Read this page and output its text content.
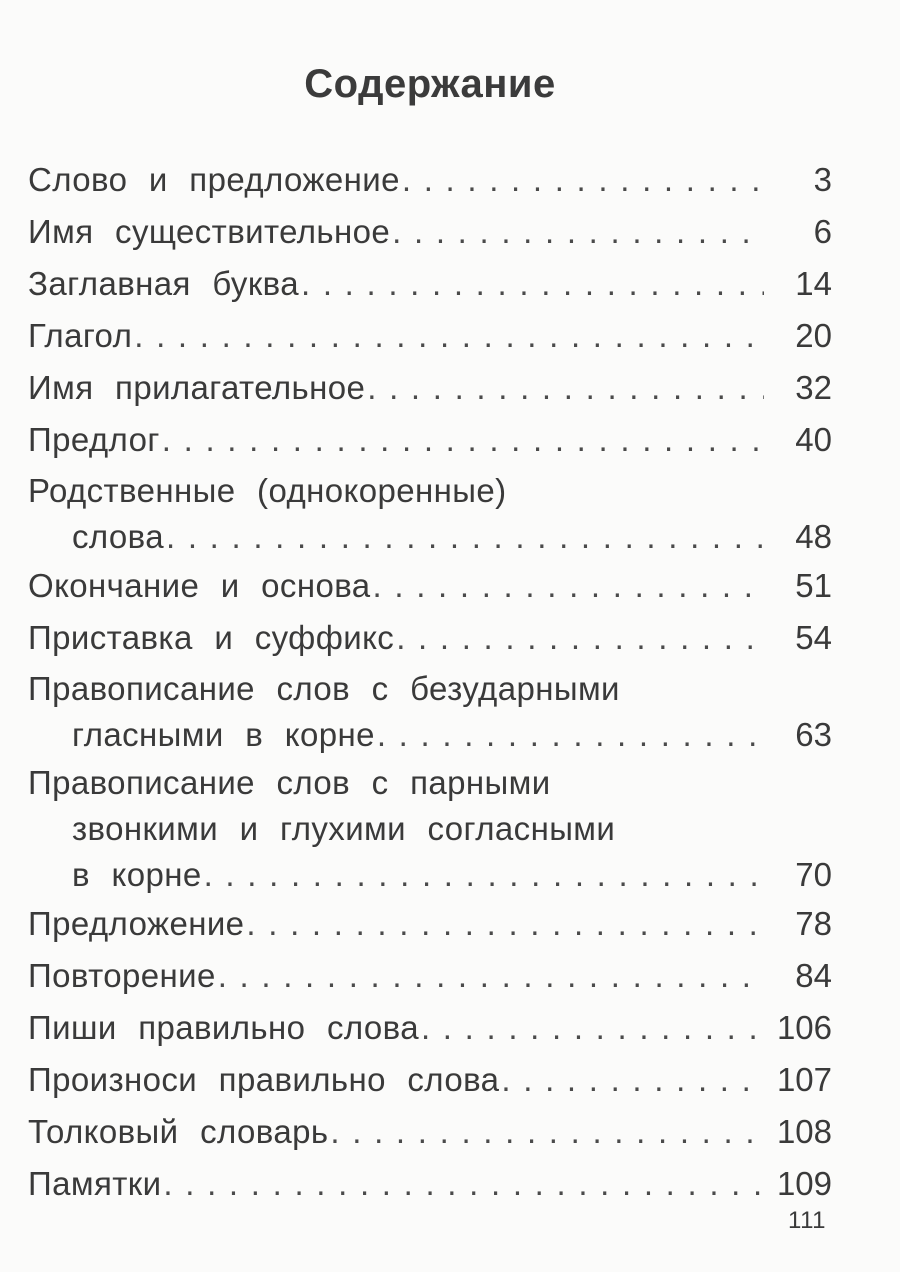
Содержание
Слово и предложение . . .	3
Имя существительное . . .	6
Заглавная буква . . .	14
Глагол . . .	20
Имя прилагательное . . .	32
Предлог . . .	40
Родственные (однокоренные)
слова . . .	48
Окончание и основа . . .	51
Приставка и суффикс . . .	54
Правописание слов с безударными
гласными в корне . . .	63
Правописание слов с парными
звонкими и глухими согласными
в корне . . .	70
Предложение . . .	78
Повторение . . .	84
Пиши правильно слова . . .	106
Произноси правильно слова . . .	107
Толковый словарь . . .	108
Памятки . . .	109
111
